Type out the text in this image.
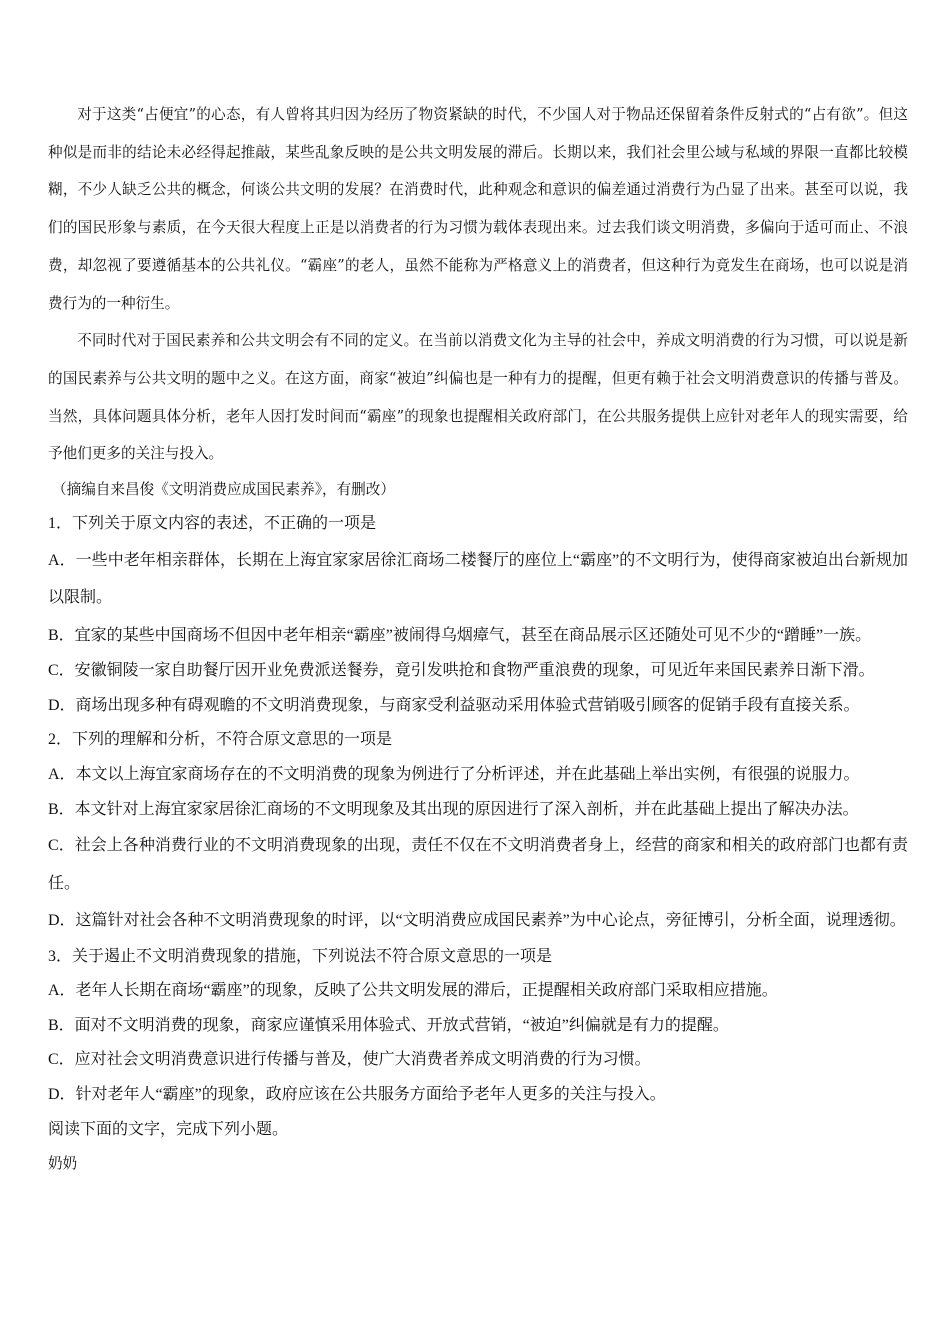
对于这类“占便宜”的心态，有人曾将其归因为经历了物资紧缺的时代，不少国人对于物品还保留着条件反射式的“占有欲”。但这种似是而非的结论未必经得起推敲，某些乱象反映的是公共文明发展的滞后。长期以来，我们社会里公域与私域的界限一直都比较模糊，不少人缺乏公共的概念，何谈公共文明的发展？在消费时代，此种观念和意识的偏差通过消费行为凸显了出来。甚至可以说，我们的国民形象与素质，在今天很大程度上正是以消费者的行为习惯为载体表现出来。过去我们谈文明消费，多偏向于适可而止、不浪费，却忽视了要遵循基本的公共礼仪。“霸座”的老人，虽然不能称为严格意义上的消费者，但这种行为竟发生在商场，也可以说是消费行为的一种衍生。

不同时代对于国民素养和公共文明会有不同的定义。在当前以消费文化为主导的社会中，养成文明消费的行为习惯，可以说是新的国民素养与公共文明的题中之义。在这方面，商家“被迫”纠偏也是一种有力的提醒，但更有赖于社会文明消费意识的传播与普及。当然，具体问题具体分析，老年人因打发时间而“霸座”的现象也提醒相关政府部门，在公共服务提供上应针对老年人的现实需要，给予他们更多的关注与投入。

（摘编自来昌俊《文明消费应成国民素养》，有删改）

1．下列关于原文内容的表述，不正确的一项是

A．一些中老年相亲群体，长期在上海宜家家居徐汇商场二楼餐厅的座位上“霸座”的不文明行为，使得商家被迫出台新规加以限制。

B．宜家的某些中国商场不但因中老年相亲“霸座”被闹得乌烟瘴气，甚至在商品展示区还随处可见不少的“蹭睡”一族。

C．安徽铜陵一家自助餐厅因开业免费派送餐券，竟引发哄抢和食物严重浪费的现象，可见近年来国民素养日渐下滑。

D．商场出现多种有碍观瞻的不文明消费现象，与商家受利益驱动采用体验式营销吸引顾客的促销手段有直接关系。

2．下列的理解和分析，不符合原文意思的一项是

A．本文以上海宜家商场存在的不文明消费的现象为例进行了分析评述，并在此基础上举出实例，有很强的说服力。

B．本文针对上海宜家家居徐汇商场的不文明现象及其出现的原因进行了深入剖析，并在此基础上提出了解决办法。

C．社会上各种消费行业的不文明消费现象的出现，责任不仅在不文明消费者身上，经营的商家和相关的政府部门也都有责任。

D．这篇针对社会各种不文明消费现象的时评，以“文明消费应成国民素养”为中心论点，旁征博引，分析全面，说理透彻。

3．关于遏止不文明消费现象的措施，下列说法不符合原文意思的一项是

A．老年人长期在商场“霸座”的现象，反映了公共文明发展的滞后，正提醒相关政府部门采取相应措施。

B．面对不文明消费的现象，商家应谨慎采用体验式、开放式营销，“被迫”纠偏就是有力的提醒。

C．应对社会文明消费意识进行传播与普及，使广大消费者养成文明消费的行为习惯。

D．针对老年人“霸座”的现象，政府应该在公共服务方面给予老年人更多的关注与投入。

阅读下面的文字，完成下列小题。

奶奶
